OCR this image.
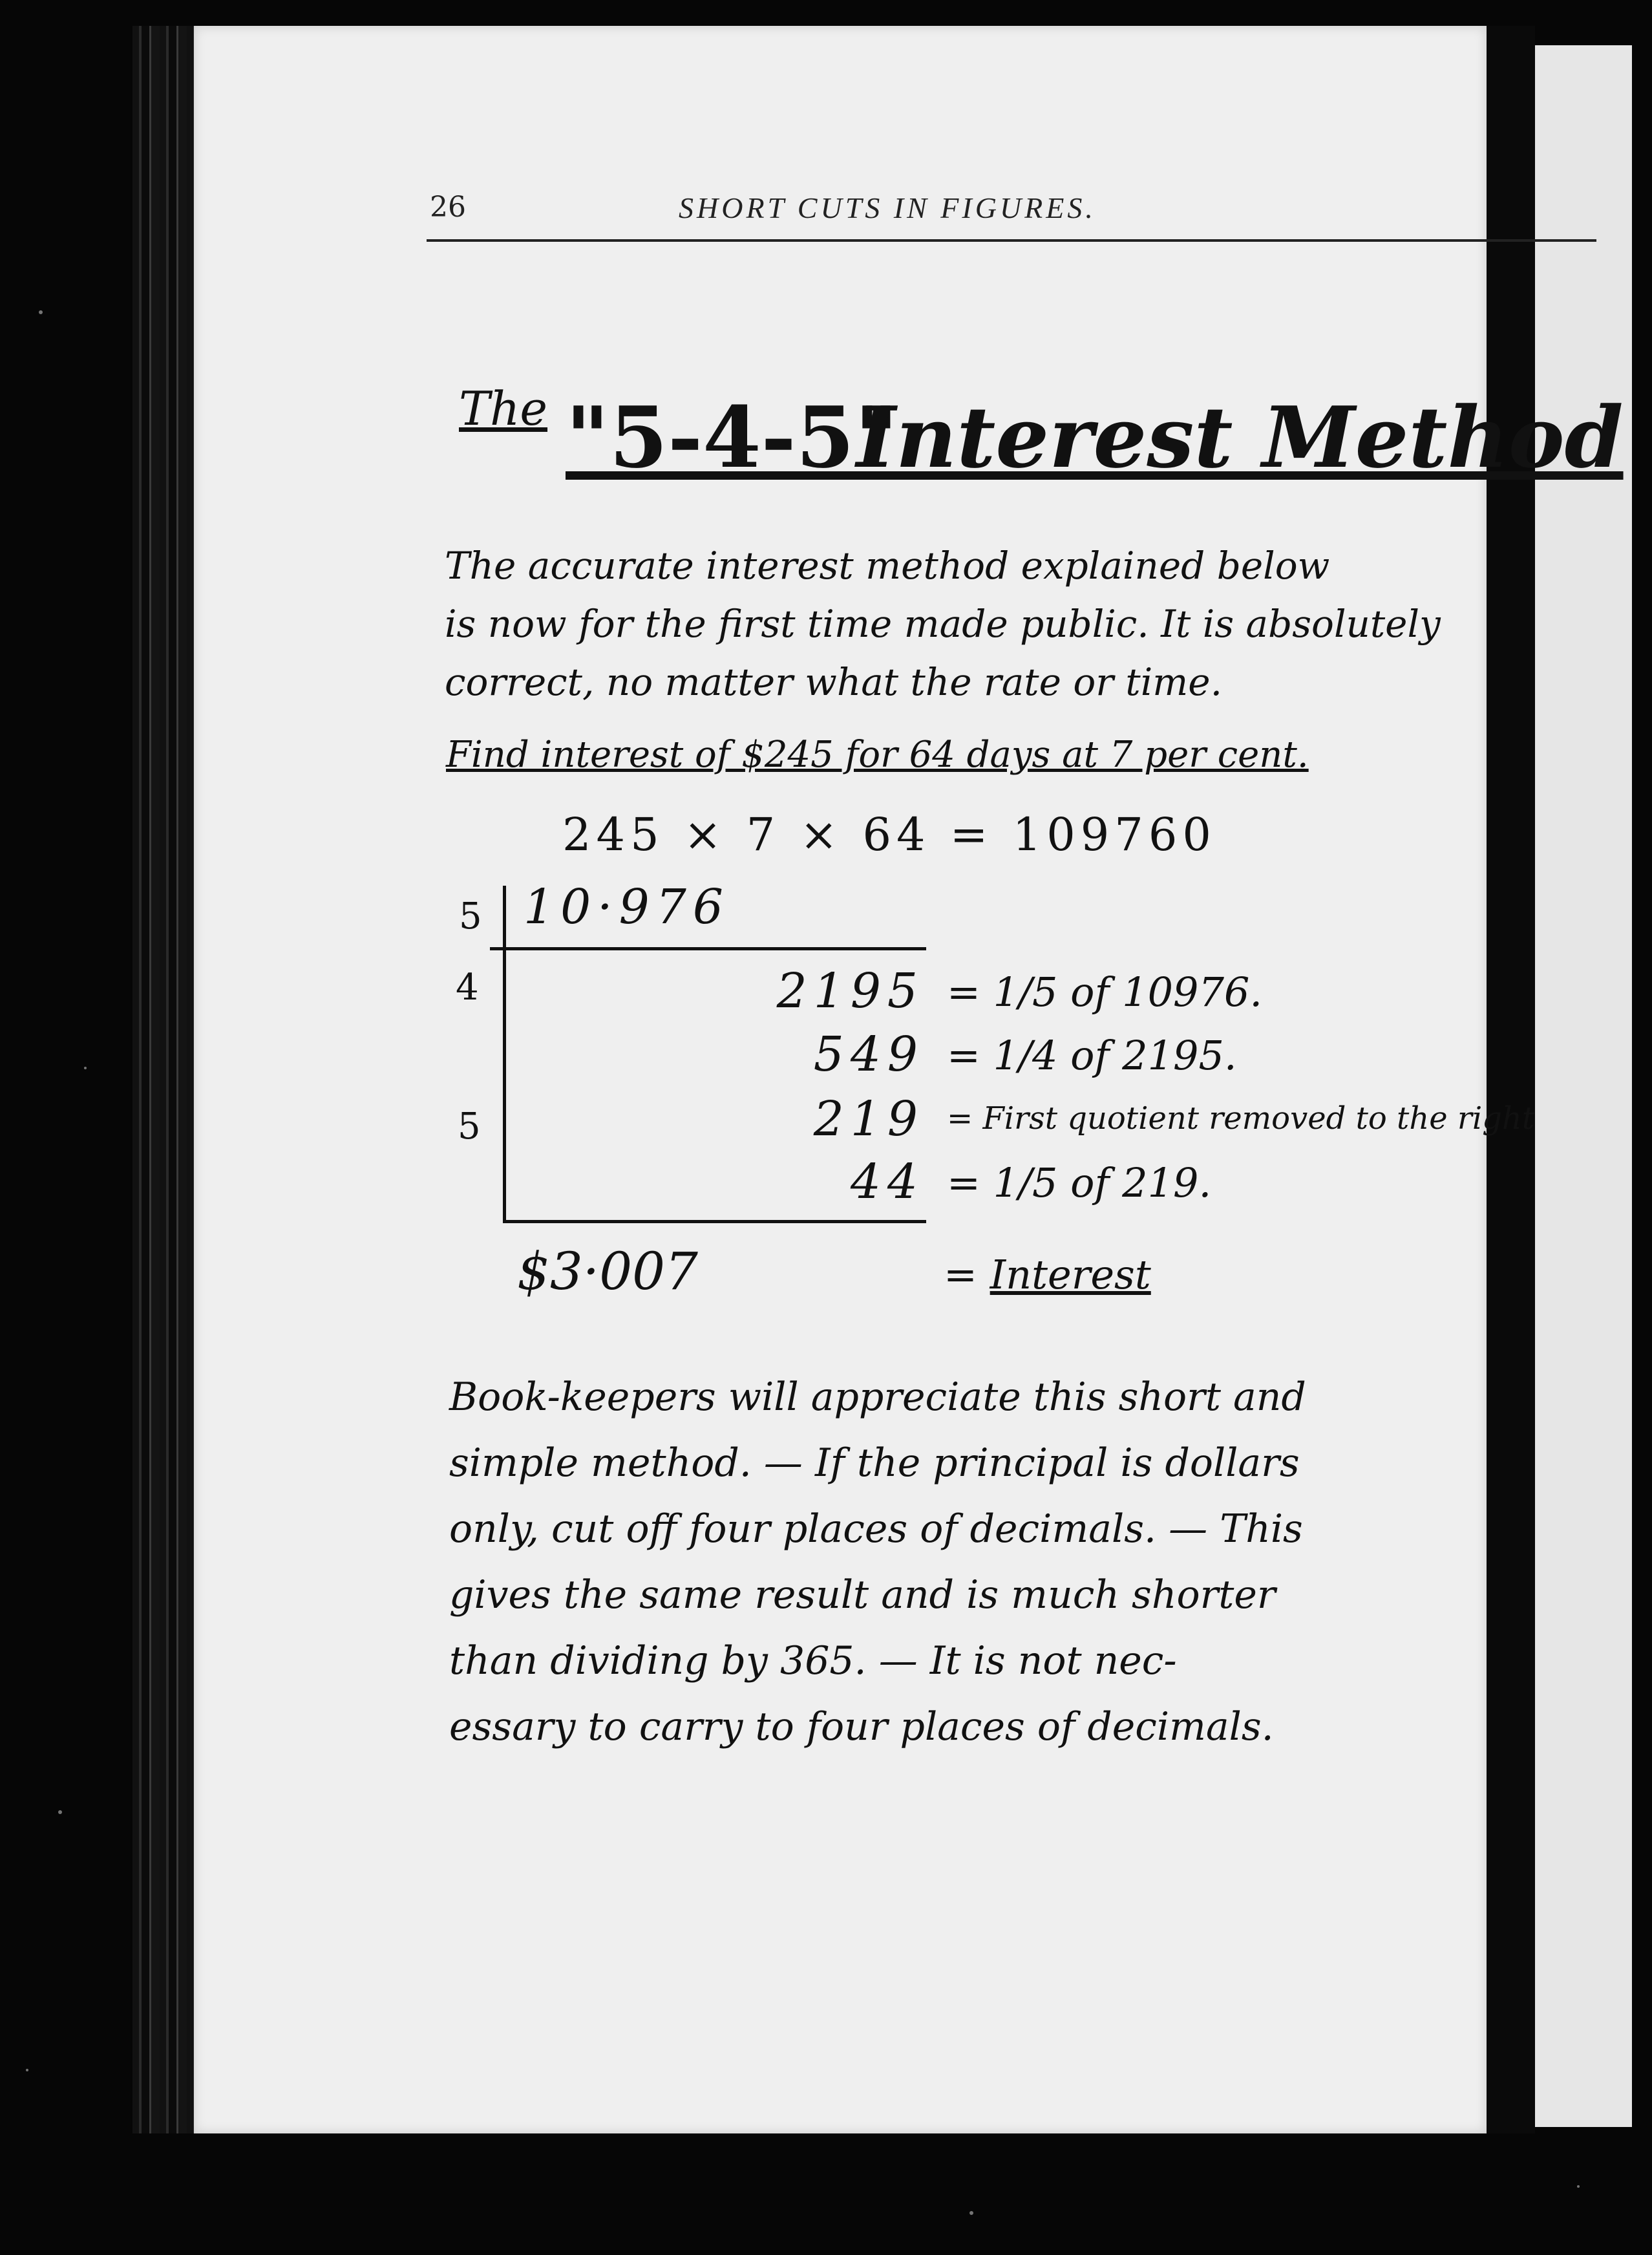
26	SHORT CUTS IN FIGURES.
The "5-4-5"
Interest Method
The accurate interest method explained below
is now for the first time made public. It is absolutely
correct, no matter what the rate or time.
Find interest of $245 for 64 days at 7 per cent.
245 × 7 × 64 = 109760
5
4
5
10·976
2195 = 1/5 of 10976.
549 = 1/4 of 2195.
219 = First quotient removed to the right
44 = 1/5 of 219.
$3·007	= Interest
Book-keepers will appreciate this short and
simple method. — If the principal is dollars
only, cut off four places of decimals. — This
gives the same result and is much shorter
than dividing by 365. — It is not nec-
essary to carry to four places of decimals.
